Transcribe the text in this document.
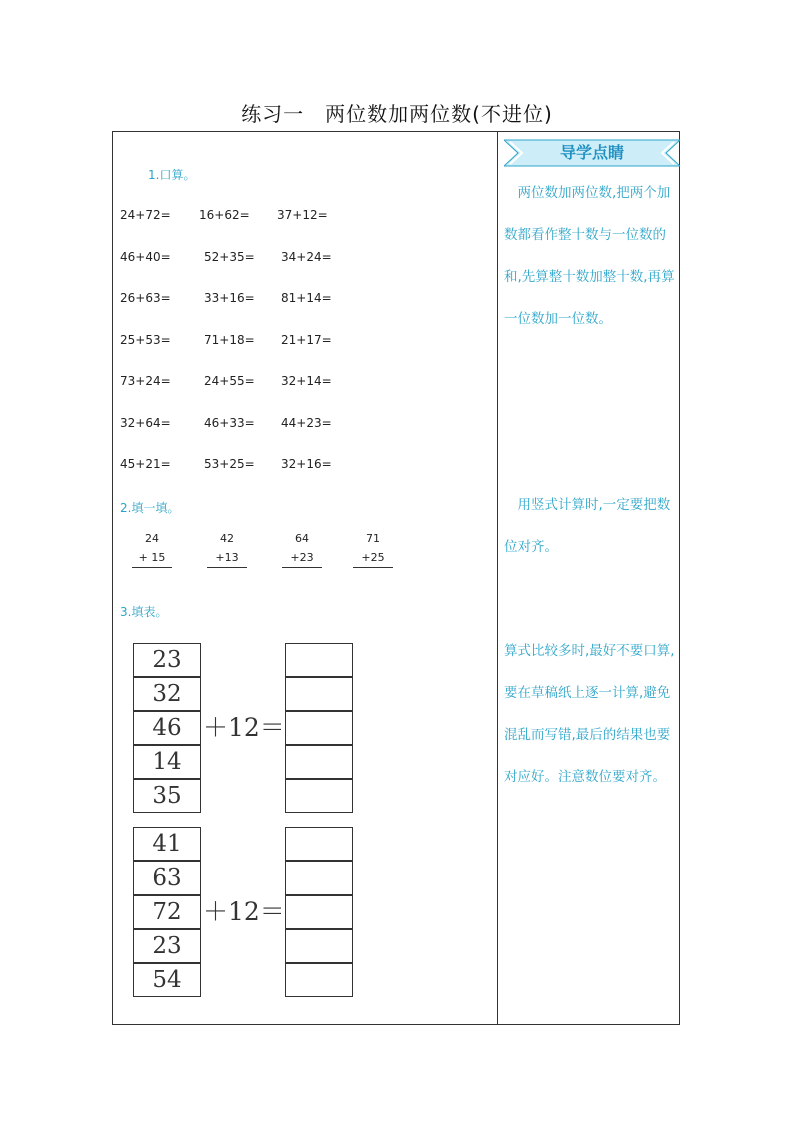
练习一　两位数加两位数(不进位)
1.口算。
24+72= 16+62= 37+12=
46+40=	52+35= 34+24=
26+63=	33+16= 81+14=
25+53=	71+18= 21+17=
73+24=	24+55= 32+14=
32+64=	46+33= 44+23=
45+21=	53+25= 32+16=
2.填一填。
24
+ 15
42
+13
64
+23
71
+25
3.填表。
23
32
46
14
35
＋12＝
41
63
72
23
54
＋12＝
导学点睛
　两位数加两位数,把两个加数都看作整十数与一位数的和,先算整十数加整十数,再算一位数加一位数。
　用竖式计算时,一定要把数位对齐。
算式比较多时,最好不要口算,要在草稿纸上逐一计算,避免混乱而写错,最后的结果也要对应好。注意数位要对齐。
